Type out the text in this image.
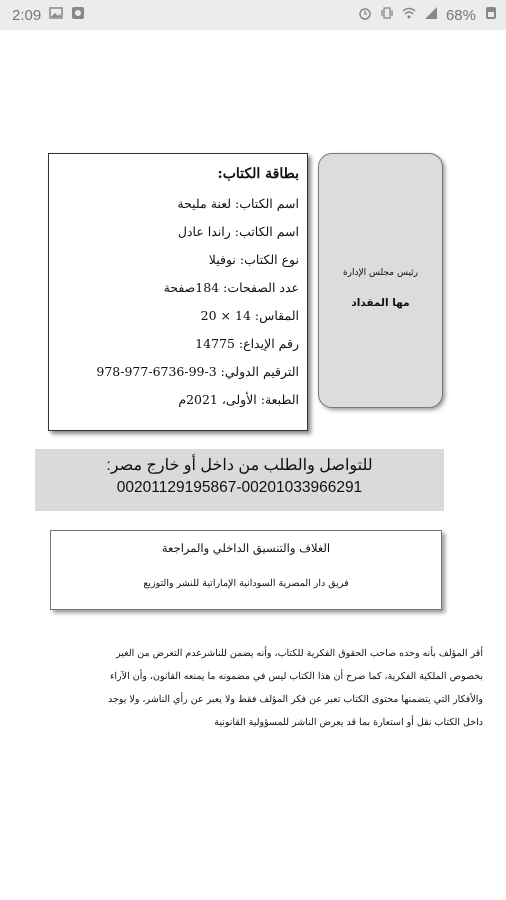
2:09	68%
بطاقة الكتاب:
اسم الكتاب: لعنة مليحة
اسم الكاتب: راندا عادل
نوع الكتاب: نوفيلا
عدد الصفحات: 184صفحة
المقاس: 14 × 20
رقم الإيداع: 14775
الترقيم الدولي: 3-99-6736-977-978
الطبعة: الأولى، 2021م
رئيس مجلس الإدارة
مها المقداد
للتواصل والطلب من داخل أو خارج مصر:
00201129195867-00201033966291
الغلاف والتنسيق الداخلي والمراجعة
فريق دار المصرية السودانية الإماراتية للنشر والتوزيع
أقر المؤلف بأنه وحده صاحب الحقوق الفكرية للكتاب، وأنه يضمن للناشرعدم التعرض من الغير
بخصوص الملكية الفكرية، كما صرح أن هذا الكتاب ليس في مضمونه ما يمنعه القانون، وأن الآراء
والأفكار التي يتضمنها محتوى الكتاب تعبر عن فكر المؤلف فقط ولا يعبر عن رأي الناشر، ولا يوجد
داخل الكتاب نقل أو استعارة بما قد يعرض الناشر للمسؤولية القانونية
